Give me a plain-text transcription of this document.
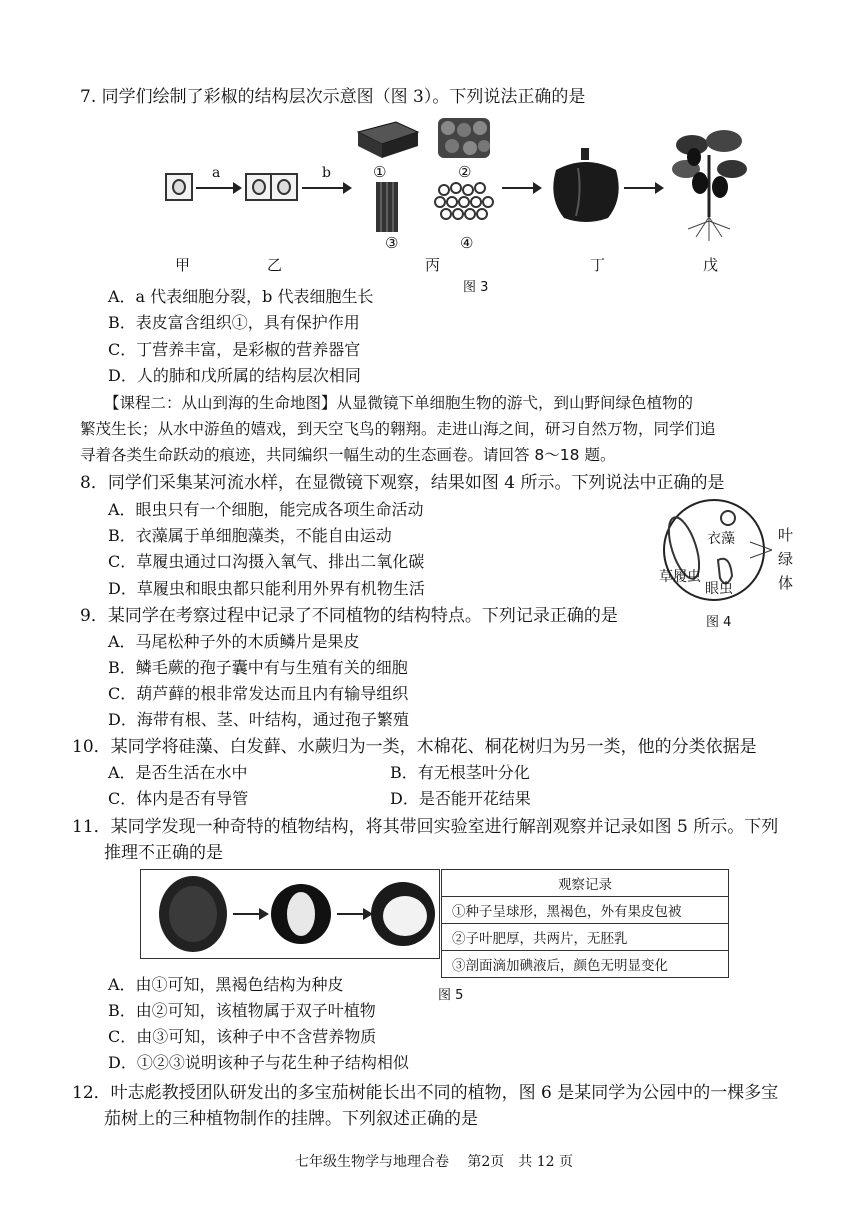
7. 同学们绘制了彩椒的结构层次示意图（图 3）。下列说法正确的是
a	b	①	②
③	④
甲	乙	丙	丁	戊
图 3
A．a 代表细胞分裂，b 代表细胞生长
B．表皮富含组织①，具有保护作用
C．丁营养丰富，是彩椒的营养器官
D．人的肺和戊所属的结构层次相同
【课程二：从山到海的生命地图】从显微镜下单细胞生物的游弋，到山野间绿色植物的
繁茂生长；从水中游鱼的嬉戏，到天空飞鸟的翱翔。走进山海之间，研习自然万物，同学们追
寻着各类生命跃动的痕迹，共同编织一幅生动的生态画卷。请回答 8～18 题。
8．同学们采集某河流水样，在显微镜下观察，结果如图 4 所示。下列说法中正确的是
A．眼虫只有一个细胞，能完成各项生命活动
B．衣藻属于单细胞藻类，不能自由运动
C．草履虫通过口沟摄入氧气、排出二氧化碳
D．草履虫和眼虫都只能利用外界有机物生活
衣藻
草履虫
眼虫
叶
绿
体
图 4
9．某同学在考察过程中记录了不同植物的结构特点。下列记录正确的是
A．马尾松种子外的木质鳞片是果皮
B．鳞毛蕨的孢子囊中有与生殖有关的细胞
C．葫芦藓的根非常发达而且内有输导组织
D．海带有根、茎、叶结构，通过孢子繁殖
10．某同学将硅藻、白发藓、水蕨归为一类，木棉花、桐花树归为另一类，他的分类依据是
A．是否生活在水中	B．有无根茎叶分化
C．体内是否有导管	D．是否能开花结果
11．某同学发现一种奇特的植物结构，将其带回实验室进行解剖观察并记录如图 5 所示。下列
推理不正确的是
观察记录
①种子呈球形，黑褐色，外有果皮包被
②子叶肥厚，共两片，无胚乳
③剖面滴加碘液后，颜色无明显变化
图 5
A．由①可知，黑褐色结构为种皮
B．由②可知，该植物属于双子叶植物
C．由③可知，该种子中不含营养物质
D．①②③说明该种子与花生种子结构相似
12．叶志彪教授团队研发出的多宝茄树能长出不同的植物，图 6 是某同学为公园中的一棵多宝
茄树上的三种植物制作的挂牌。下列叙述正确的是
七年级生物学与地理合卷　 第2页　共 12 页
